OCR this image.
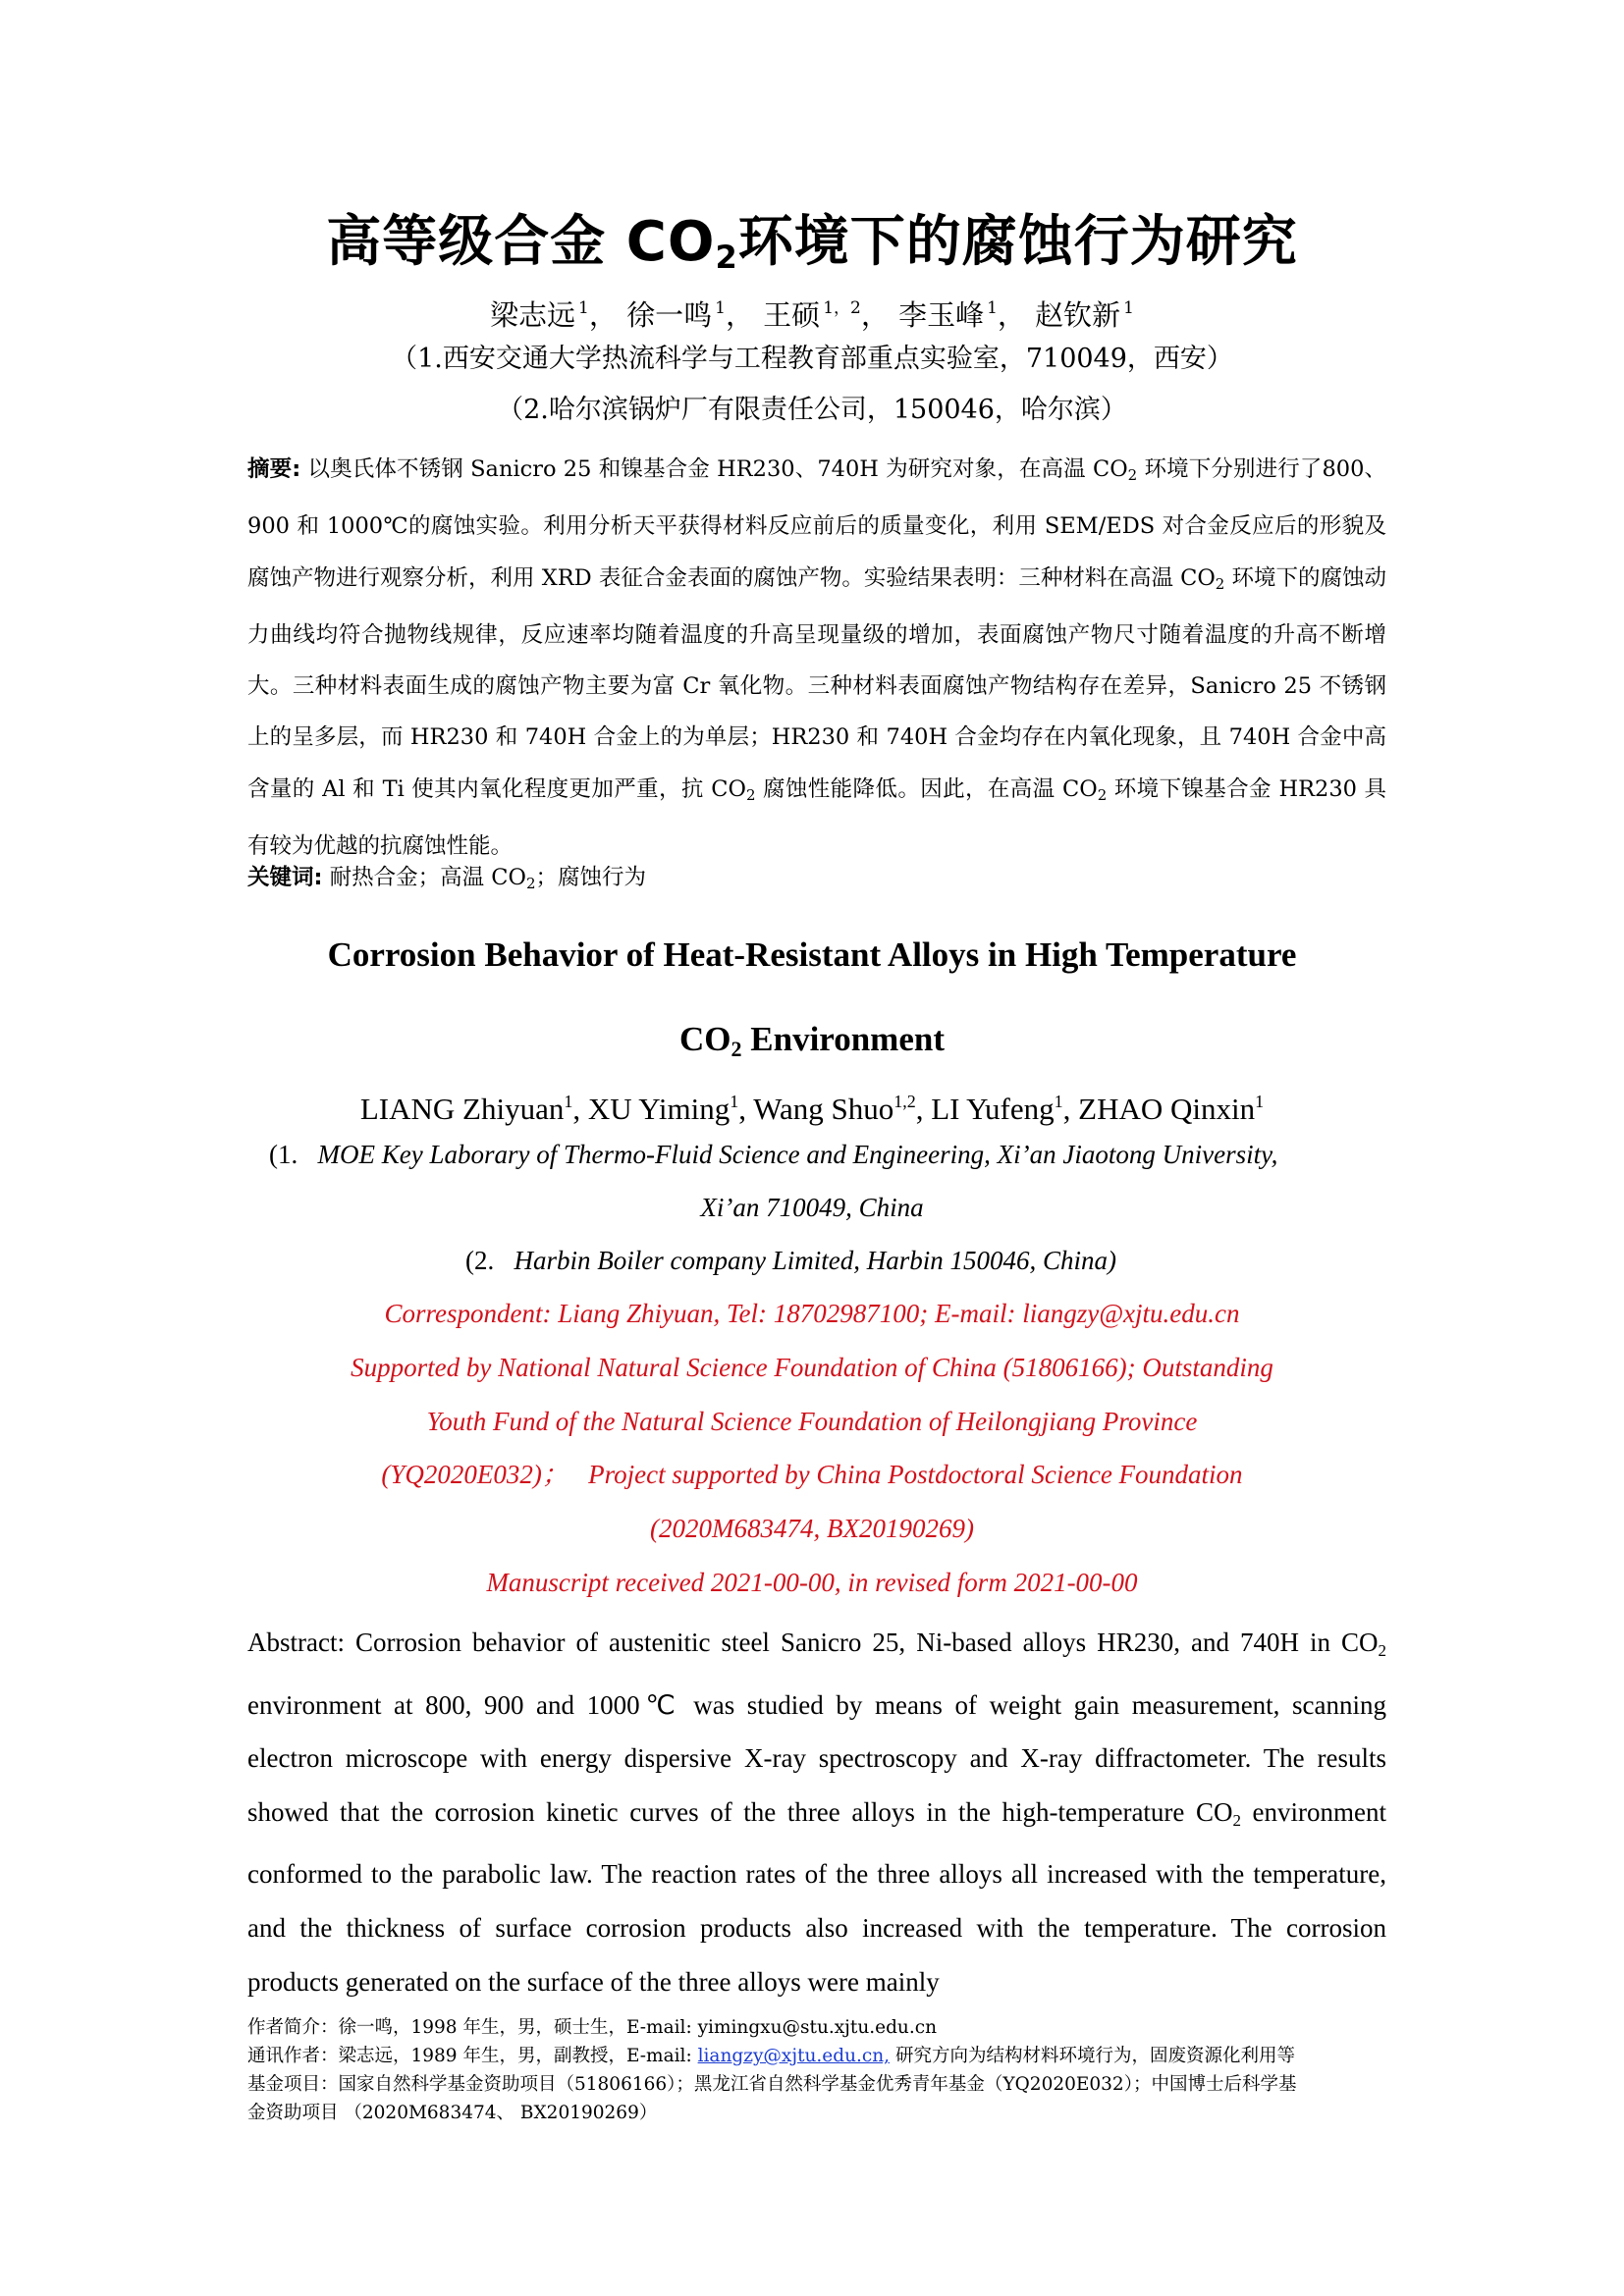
高等级合金 $CO_2$环境下的腐蚀行为研究
梁志远 $^1$， 徐一鸣 $^1$， 王硕 $^{1,2}$， 李玉峰 $^1$， 赵钦新 $^1$
（1.西安交通大学热流科学与工程教育部重点实验室，710049，西安）
（2.哈尔滨锅炉厂有限责任公司，150046，哈尔滨）
摘要: 以奥氏体不锈钢 Sanicro 25 和镍基合金 HR230、740H 为研究对象，在高温 $CO_2$ 环境下分别进行了800、900 和 1000℃的腐蚀实验。利用分析天平获得材料反应前后的质量变化，利用 SEM/EDS 对合金反应后的形貌及腐蚀产物进行观察分析，利用 XRD 表征合金表面的腐蚀产物。实验结果表明：三种材料在高温 $CO_2$ 环境下的腐蚀动力曲线均符合抛物线规律，反应速率均随着温度的升高呈现量级的增加，表面腐蚀产物尺寸随着温度的升高不断增大。三种材料表面生成的腐蚀产物主要为富 Cr 氧化物。三种材料表面腐蚀产物结构存在差异，Sanicro 25 不锈钢上的呈多层，而 HR230 和 740H 合金上的为单层；HR230 和 740H 合金均存在内氧化现象，且 740H 合金中高含量的 Al 和 Ti 使其内氧化程度更加严重，抗 $CO_2$ 腐蚀性能降低。因此，在高温 $CO_2$ 环境下镍基合金 HR230 具有较为优越的抗腐蚀性能。
关键词: 耐热合金；高温 $CO_2$；腐蚀行为
Corrosion Behavior of Heat-Resistant Alloys in High Temperature
$CO_2$ Environment
LIANG Zhiyuan$^1$, XU Yiming$^1$, Wang Shuo$^{1,2}$, LI Yufeng$^1$, ZHAO Qinxin$^1$
(1. MOE Key Laborary of Thermo-Fluid Science and Engineering, Xi’an Jiaotong University,
Xi’an 710049, China
(2. Harbin Boiler company Limited, Harbin 150046, China)
Correspondent: Liang Zhiyuan, Tel: 18702987100; E-mail: liangzy@xjtu.edu.cn
Supported by National Natural Science Foundation of China (51806166); Outstanding
Youth Fund of the Natural Science Foundation of Heilongjiang Province
(YQ2020E032)；   Project supported by China Postdoctoral Science Foundation
(2020M683474, BX20190269)
Manuscript received 2021-00-00, in revised form 2021-00-00
Abstract: Corrosion behavior of austenitic steel Sanicro 25, Ni-based alloys HR230, and 740H in $CO_2$ environment at 800, 900 and 1000℃ was studied by means of weight gain measurement, scanning electron microscope with energy dispersive X-ray spectroscopy and X-ray diffractometer. The results showed that the corrosion kinetic curves of the three alloys in the high-temperature $CO_2$ environment conformed to the parabolic law. The reaction rates of the three alloys all increased with the temperature, and the thickness of surface corrosion products also increased with the temperature. The corrosion products generated on the surface of the three alloys were mainly
作者简介：徐一鸣，1998 年生，男，硕士生，E-mail: yimingxu@stu.xjtu.edu.cn
通讯作者：梁志远，1989 年生，男，副教授，E-mail: liangzy@xjtu.edu.cn, 研究方向为结构材料环境行为，固废资源化利用等
基金项目：国家自然科学基金资助项目（51806166）；黑龙江省自然科学基金优秀青年基金（YQ2020E032）；中国博士后科学基
金资助项目 （2020M683474、 BX20190269）
